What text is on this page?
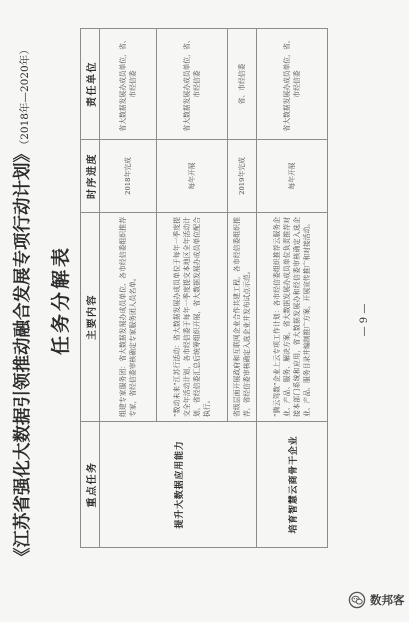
《江苏省强化大数据引领推动融合发展专项行动计划》（2018年—2020年）
任务分解表
重点任务
主要内容
时序进度
责任单位
提升大数据应用能力
组建专家服务团：省大数据发展办成员单位、各市经信委组织推荐专家，省经信委审核确定专家服务团人员名单。
2018年完成
省大数据发展办成员单位，省、市经信委
“数动未来”江苏行活动：省大数据发展办成员单位于每年一季度提交全年活动计划，各市经信委于每年一季度提交本地区全年活动计划，省经信委汇总后统筹组织开展，省大数据发展办成员单位配合执行。
每年开展
省大数据发展办成员单位，省、市经信委
省级层面开展政府和互联网企业合作共建工程，各市经信委组织推荐，省经信委审核确定入选企业并发布试点示范。
2019年完成
省、市经信委
培育智慧云商骨干企业
“腾云驾数”企业上云专项工作计划：各市经信委组织推荐云服务企业、产品、服务、解决方案，省大数据发展办成员单位负责推荐对接本部门系统和应用，省大数据发展办和经信委审核确定入选企业、产品、服务目录并编制推广方案，开展宣传推广和对接活动。
每年开展
省大数据发展办成员单位，省、市经信委
— 9 —
数邦客
